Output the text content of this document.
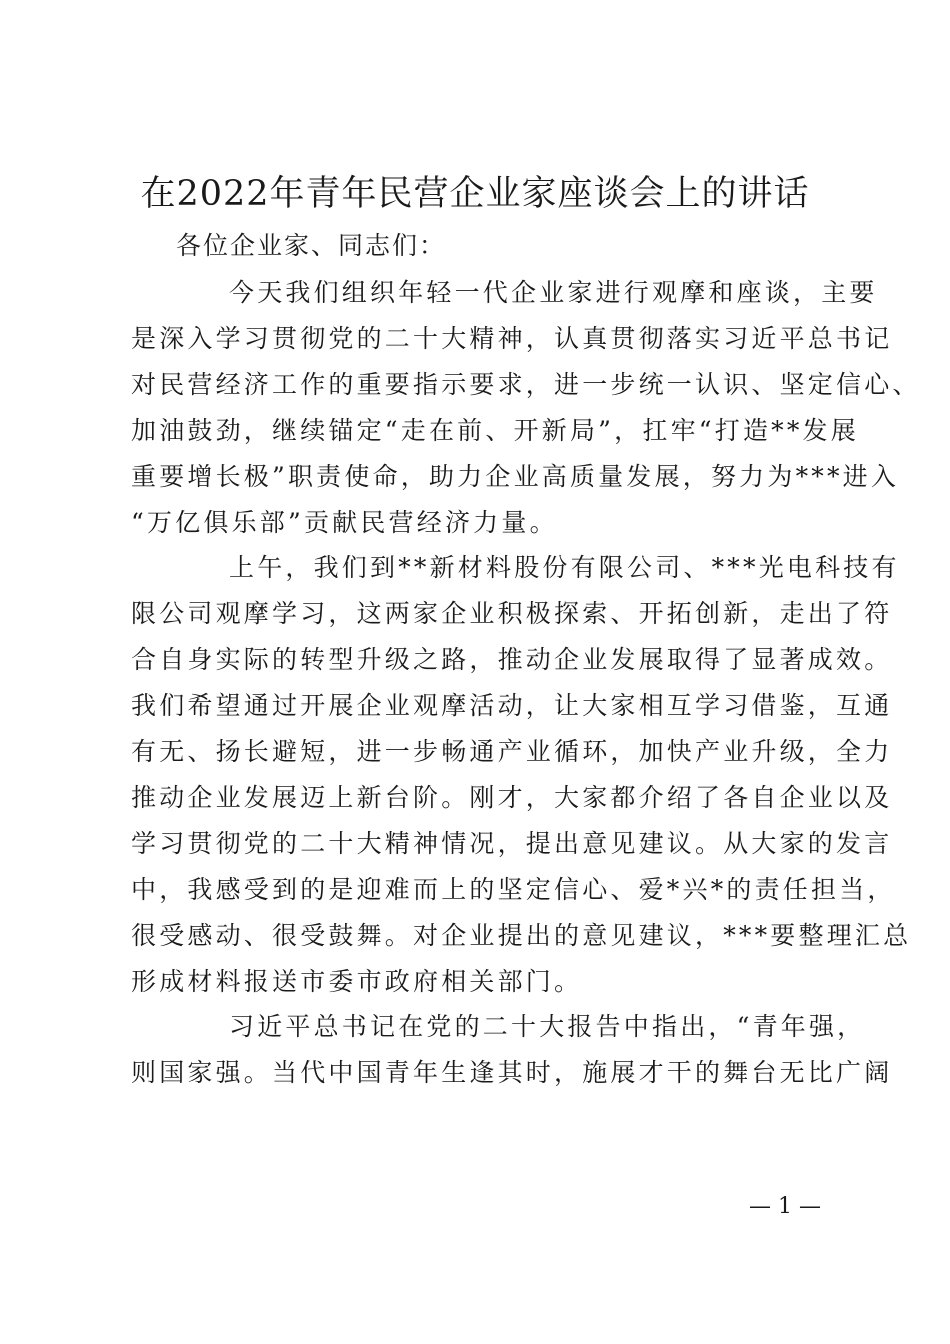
在2022年青年民营企业家座谈会上的讲话
各位企业家、同志们：
今天我们组织年轻一代企业家进行观摩和座谈，主要
是深入学习贯彻党的二十大精神，认真贯彻落实习近平总书记
对民营经济工作的重要指示要求，进一步统一认识、坚定信心、
加油鼓劲，继续锚定“走在前、开新局”，扛牢“打造**发展
重要增长极”职责使命，助力企业高质量发展，努力为***进入
“万亿俱乐部”贡献民营经济力量。
上午，我们到**新材料股份有限公司、***光电科技有
限公司观摩学习，这两家企业积极探索、开拓创新，走出了符
合自身实际的转型升级之路，推动企业发展取得了显著成效。
我们希望通过开展企业观摩活动，让大家相互学习借鉴，互通
有无、扬长避短，进一步畅通产业循环，加快产业升级，全力
推动企业发展迈上新台阶。刚才，大家都介绍了各自企业以及
学习贯彻党的二十大精神情况，提出意见建议。从大家的发言
中，我感受到的是迎难而上的坚定信心、爱*兴*的责任担当，
很受感动、很受鼓舞。对企业提出的意见建议，***要整理汇总
形成材料报送市委市政府相关部门。
习近平总书记在党的二十大报告中指出，“青年强，
则国家强。当代中国青年生逢其时，施展才干的舞台无比广阔
— 1 —
